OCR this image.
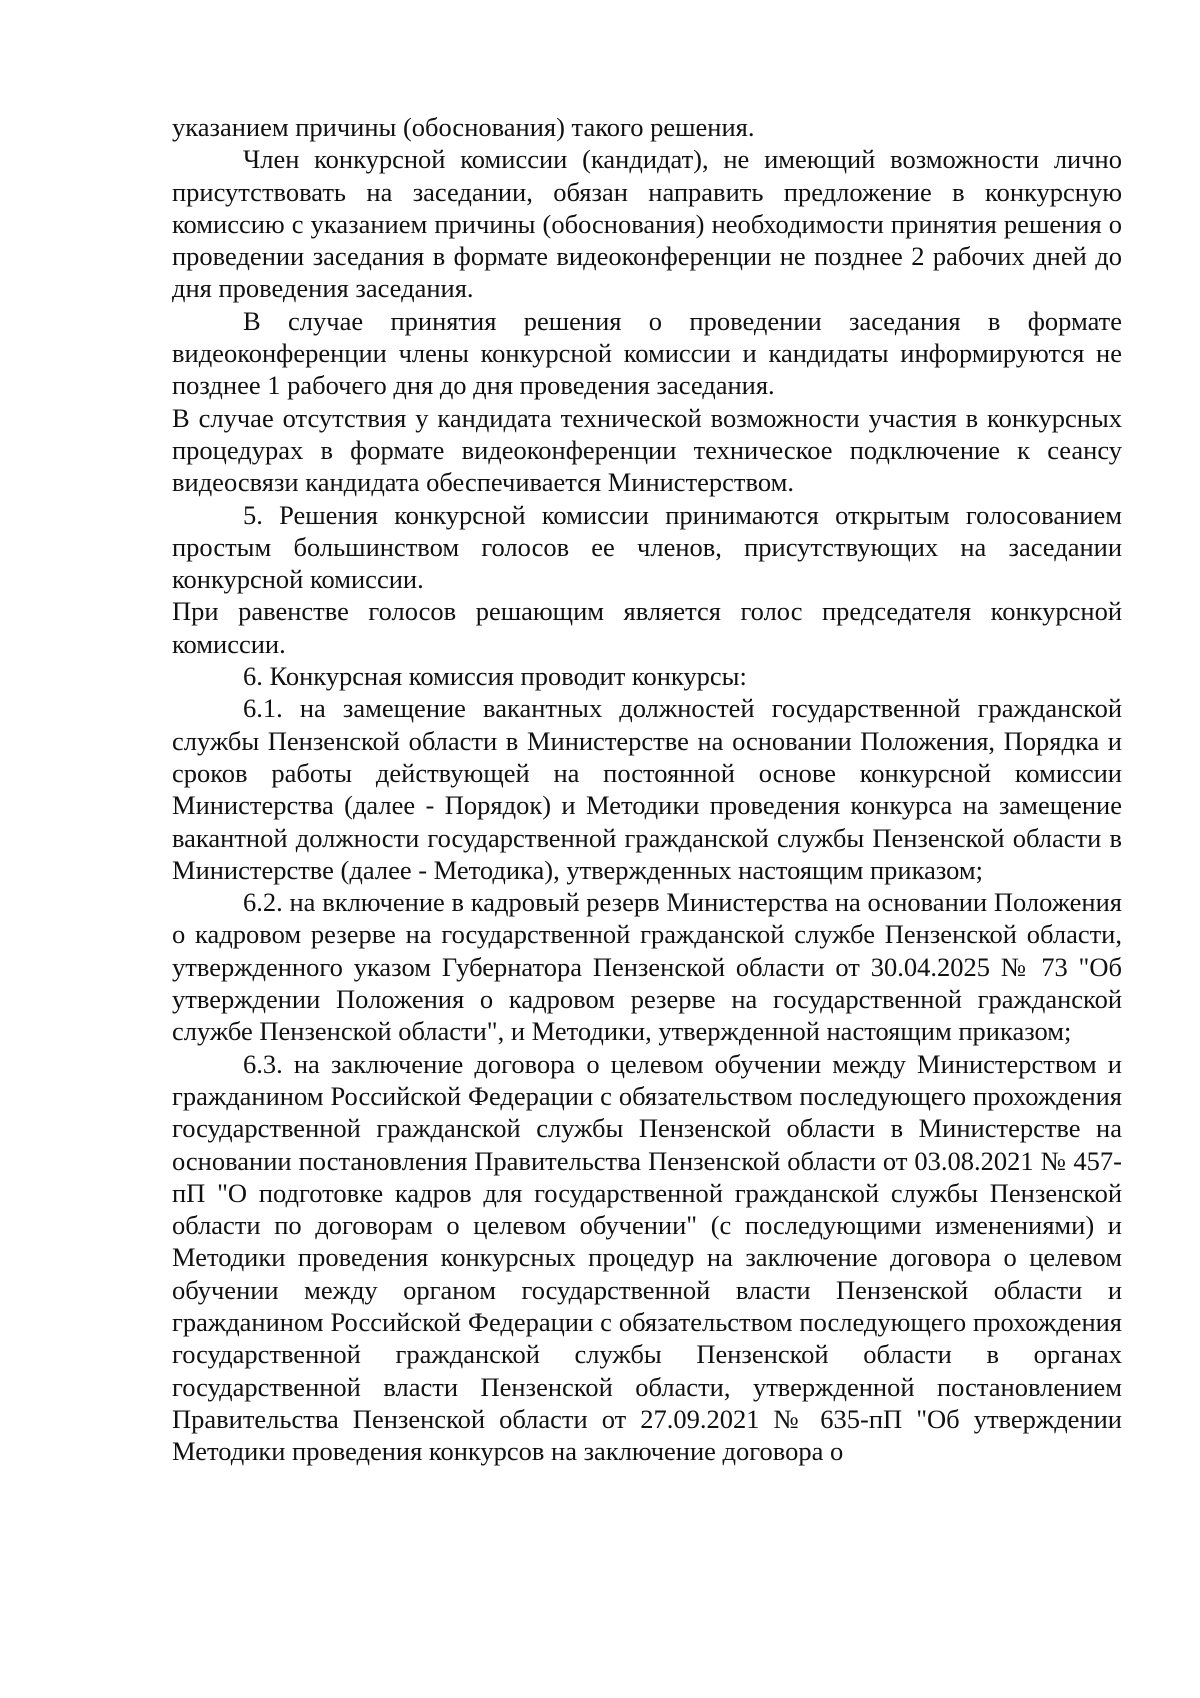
указанием причины (обоснования) такого решения.

Член конкурсной комиссии (кандидат), не имеющий возможности лично присутствовать на заседании, обязан направить предложение в конкурсную комиссию с указанием причины (обоснования) необходимости принятия решения о проведении заседания в формате видеоконференции не позднее 2 рабочих дней до дня проведения заседания.

В случае принятия решения о проведении заседания в формате видеоконференции члены конкурсной комиссии и кандидаты информируются не позднее 1 рабочего дня до дня проведения заседания.

В случае отсутствия у кандидата технической возможности участия в конкурсных процедурах в формате видеоконференции техническое подключение к сеансу видеосвязи кандидата обеспечивается Министерством.

5. Решения конкурсной комиссии принимаются открытым голосованием простым большинством голосов ее членов, присутствующих на заседании конкурсной комиссии.

При равенстве голосов решающим является голос председателя конкурсной комиссии.

6. Конкурсная комиссия проводит конкурсы:

6.1. на замещение вакантных должностей государственной гражданской службы Пензенской области в Министерстве на основании Положения, Порядка и сроков работы действующей на постоянной основе конкурсной комиссии Министерства (далее - Порядок) и Методики проведения конкурса на замещение вакантной должности государственной гражданской службы Пензенской области в Министерстве (далее - Методика), утвержденных настоящим приказом;

6.2. на включение в кадровый резерв Министерства на основании Положения о кадровом резерве на государственной гражданской службе Пензенской области, утвержденного указом Губернатора Пензенской области от 30.04.2025 № 73 "Об утверждении Положения о кадровом резерве на государственной гражданской службе Пензенской области", и Методики, утвержденной настоящим приказом;

6.3. на заключение договора о целевом обучении между Министерством и гражданином Российской Федерации с обязательством последующего прохождения государственной гражданской службы Пензенской области в Министерстве на основании постановления Правительства Пензенской области от 03.08.2021 № 457-пП "О подготовке кадров для государственной гражданской службы Пензенской области по договорам о целевом обучении" (с последующими изменениями) и Методики проведения конкурсных процедур на заключение договора о целевом обучении между органом государственной власти Пензенской области и гражданином Российской Федерации с обязательством последующего прохождения государственной гражданской службы Пензенской области в органах государственной власти Пензенской области, утвержденной постановлением Правительства Пензенской области от 27.09.2021 № 635-пП "Об утверждении Методики проведения конкурсов на заключение договора о
